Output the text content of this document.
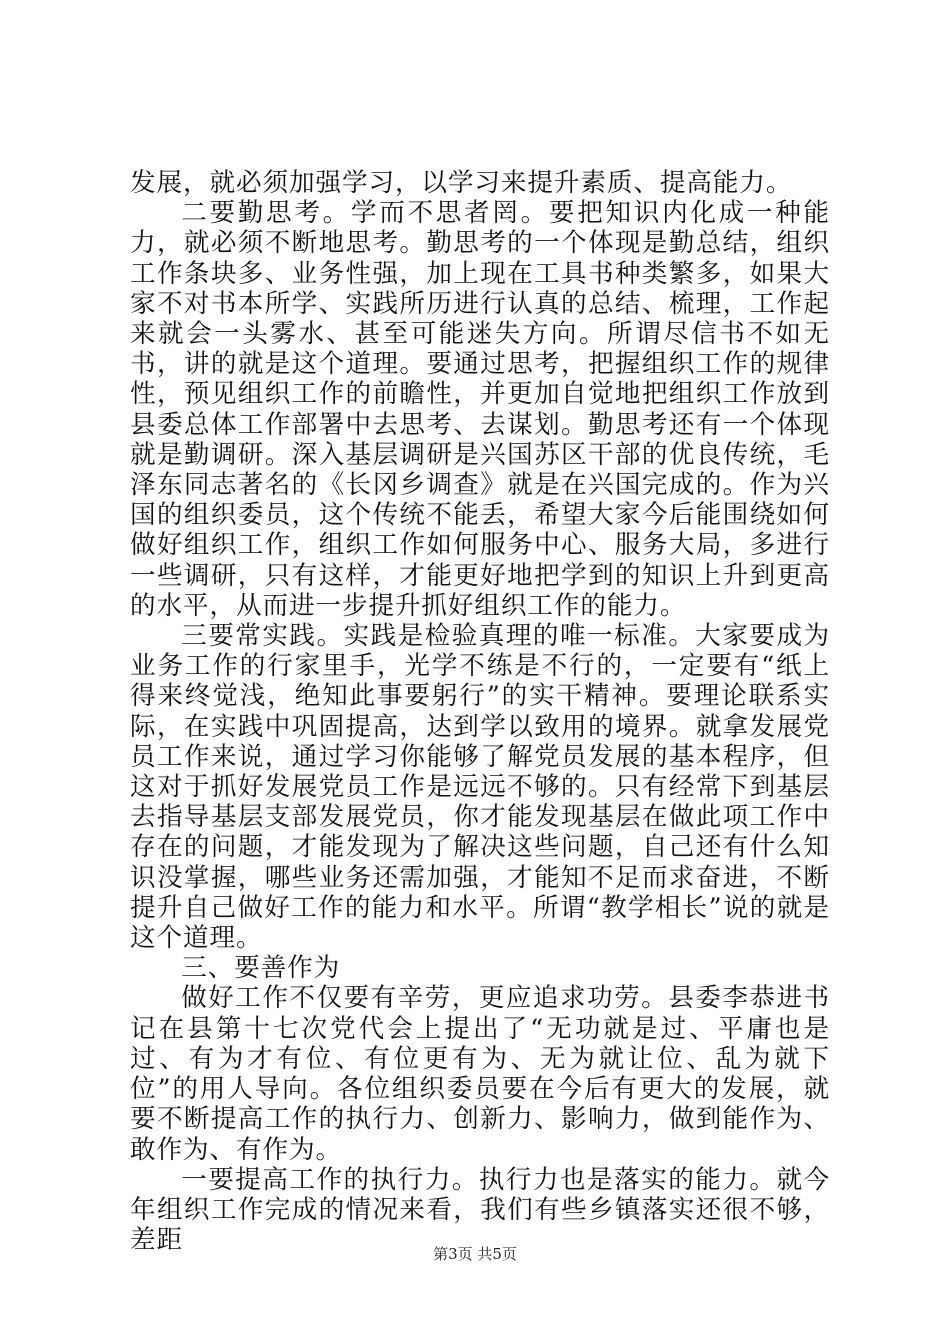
发展，就必须加强学习，以学习来提升素质、提高能力。

二要勤思考。学而不思者罔。要把知识内化成一种能力，就必须不断地思考。勤思考的一个体现是勤总结，组织工作条块多、业务性强，加上现在工具书种类繁多，如果大家不对书本所学、实践所历进行认真的总结、梳理，工作起来就会一头雾水、甚至可能迷失方向。所谓尽信书不如无书，讲的就是这个道理。要通过思考，把握组织工作的规律性，预见组织工作的前瞻性，并更加自觉地把组织工作放到县委总体工作部署中去思考、去谋划。勤思考还有一个体现就是勤调研。深入基层调研是兴国苏区干部的优良传统，毛泽东同志著名的《长冈乡调查》就是在兴国完成的。作为兴国的组织委员，这个传统不能丢，希望大家今后能围绕如何做好组织工作，组织工作如何服务中心、服务大局，多进行一些调研，只有这样，才能更好地把学到的知识上升到更高的水平，从而进一步提升抓好组织工作的能力。

三要常实践。实践是检验真理的唯一标准。大家要成为业务工作的行家里手，光学不练是不行的，一定要有“纸上得来终觉浅，绝知此事要躬行”的实干精神。要理论联系实际，在实践中巩固提高，达到学以致用的境界。就拿发展党员工作来说，通过学习你能够了解党员发展的基本程序，但这对于抓好发展党员工作是远远不够的。只有经常下到基层去指导基层支部发展党员，你才能发现基层在做此项工作中存在的问题，才能发现为了解决这些问题，自己还有什么知识没掌握，哪些业务还需加强，才能知不足而求奋进，不断提升自己做好工作的能力和水平。所谓“教学相长”说的就是这个道理。

三、要善作为

做好工作不仅要有辛劳，更应追求功劳。县委李恭进书记在县第十七次党代会上提出了“无功就是过、平庸也是过、有为才有位、有位更有为、无为就让位、乱为就下位”的用人导向。各位组织委员要在今后有更大的发展，就要不断提高工作的执行力、创新力、影响力，做到能作为、敢作为、有作为。

一要提高工作的执行力。执行力也是落实的能力。就今年组织工作完成的情况来看，我们有些乡镇落实还很不够，差距	第3页 共5页
